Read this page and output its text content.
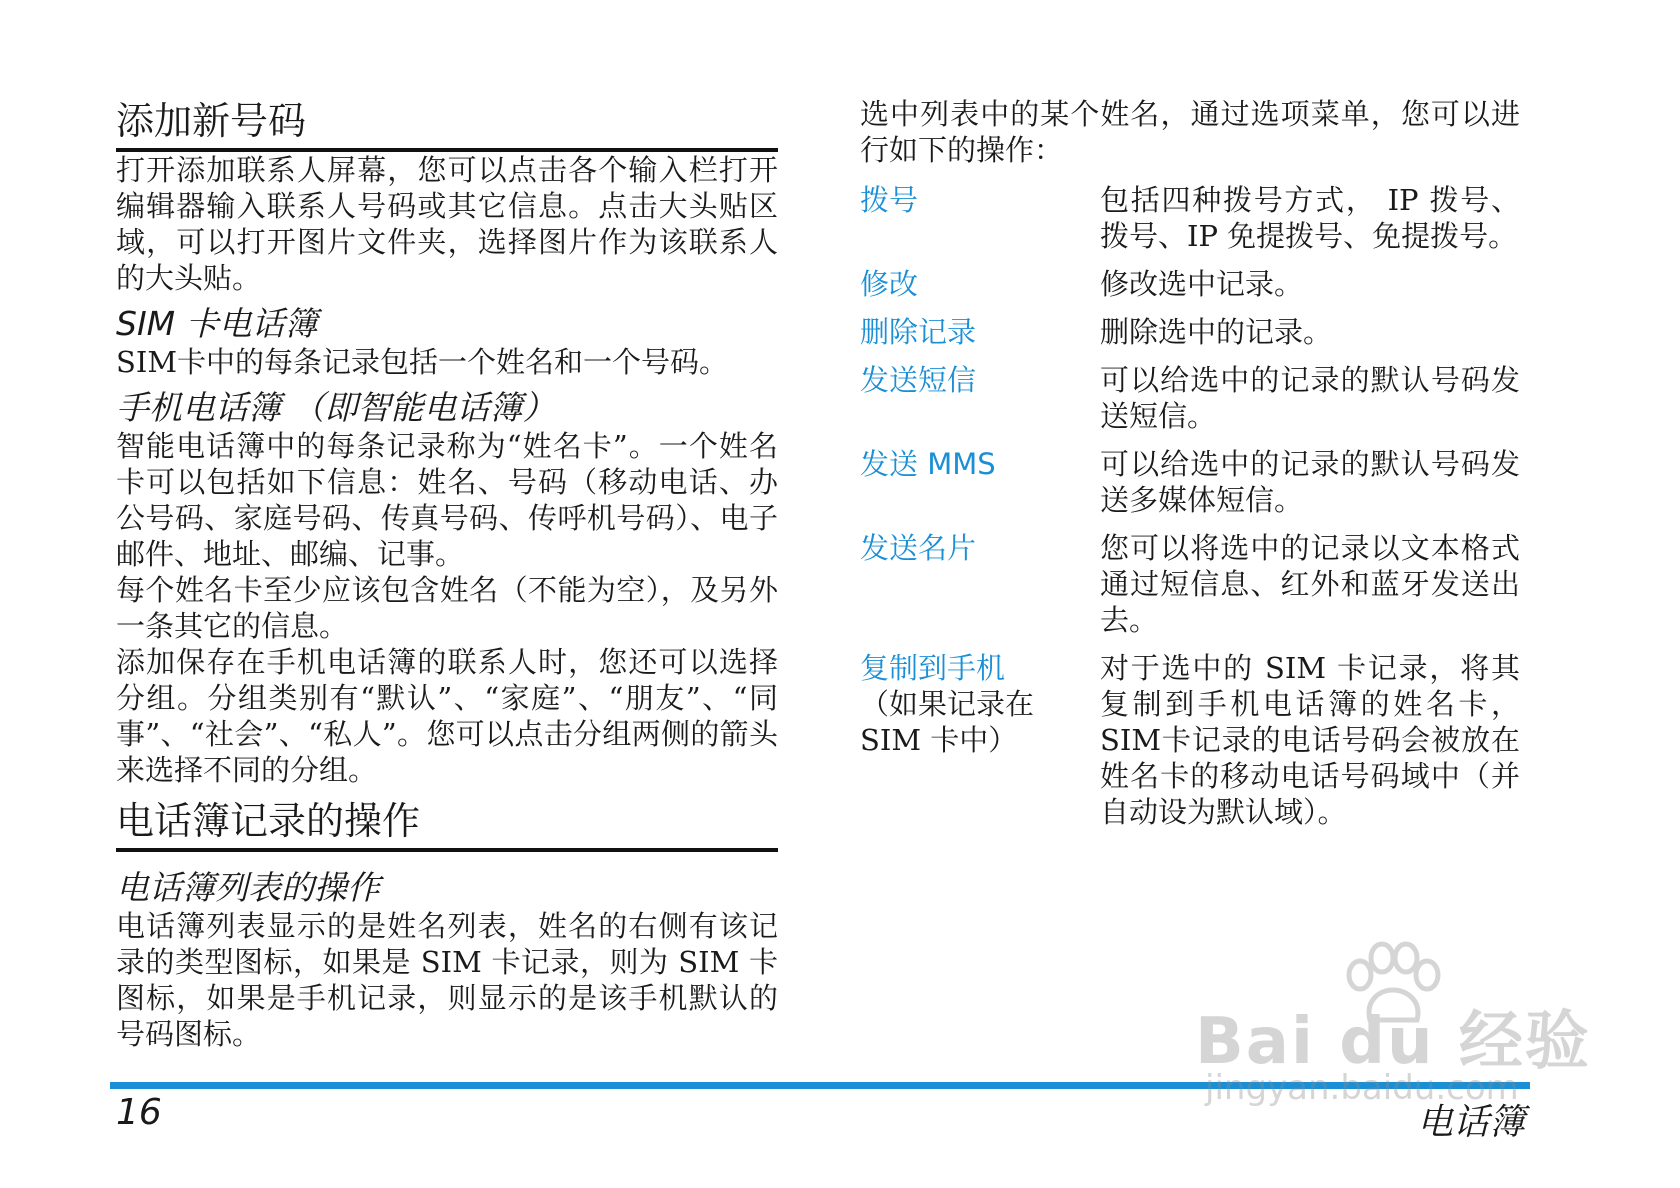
添加新号码

打开添加联系人屏幕，您可以点击各个输入栏打开编辑器输入联系人号码或其它信息。点击大头贴区域，可以打开图片文件夹，选择图片作为该联系人的大头贴。

SIM 卡电话簿

SIM卡中的每条记录包括一个姓名和一个号码。

手机电话簿 （即智能电话簿）

智能电话簿中的每条记录称为“姓名卡”。一个姓名卡可以包括如下信息：姓名、号码（移动电话、办公号码、家庭号码、传真号码、传呼机号码）、电子邮件、地址、邮编、记事。

每个姓名卡至少应该包含姓名（不能为空），及另外一条其它的信息。

添加保存在手机电话簿的联系人时，您还可以选择分组。分组类别有“默认”、“家庭”、“朋友”、“同事”、“社会”、“私人”。您可以点击分组两侧的箭头来选择不同的分组。

电话簿记录的操作
电话簿列表的操作

电话簿列表显示的是姓名列表，姓名的右侧有该记录的类型图标，如果是 SIM 卡记录，则为 SIM 卡图标，如果是手机记录，则显示的是该手机默认的号码图标。

选中列表中的某个姓名，通过选项菜单，您可以进行如下的操作：

拨号	包括四种拨号方式， IP 拨号、拨号、IP 免提拨号、免提拨号。
修改	修改选中记录。
删除记录	删除选中的记录。
发送短信	可以给选中的记录的默认号码发送短信。
发送 MMS	可以给选中的记录的默认号码发送多媒体短信。
发送名片	您可以将选中的记录以文本格式通过短信息、红外和蓝牙发送出去。
复制到手机
（如果记录在 SIM 卡中）	对于选中的 SIM 卡记录，将其复制到手机电话簿的姓名卡，SIM卡记录的电话号码会被放在姓名卡的移动电话号码域中（并自动设为默认域）。
16	电话簿
Bai du 经验
jingyan.baidu.com
